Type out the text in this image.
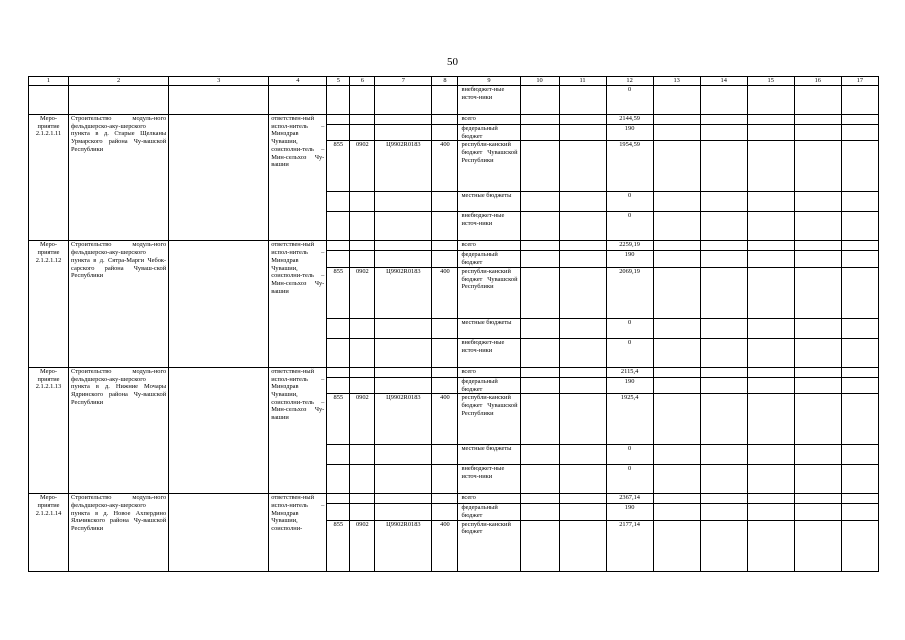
50
1	2	3	4	5	6	7	8	9	10	11	12	13	14	15	16	17
								внебюджет-ные источ-ники			0					
Меро-приятие 2.1.2.1.11	Строительство модуль-ного фельдшерско-аку-шерского пункта в д. Старые Щелканы Урмарского района Чу-вашской Республики		ответствен-ный испол-нитель – Минздрав Чувашии, соисполни-тель – Мин-сельхоз Чу-вашии					всего			2144,59					
								федеральный бюджет			190					
				855	0902	Ц9902R0183	400	республи-канский бюджет Чувашской Республики			1954,59					
								местные бюджеты			0					
								внебюджет-ные источ-ники			0					
Меро-приятие 2.1.2.1.12	Строительство модуль-ного фельдшерско-аку-шерского пункта в д. Сятра-Марги Чебок-сарского района Чуваш-ской Республики		ответствен-ный испол-нитель – Минздрав Чувашии, соисполни-тель – Мин-сельхоз Чу-вашии					всего			2259,19					
								федеральный бюджет			190					
				855	0902	Ц9902R0183	400	республи-канский бюджет Чувашской Республики			2069,19					
								местные бюджеты			0					
								внебюджет-ные источ-ники			0					
Меро-приятие 2.1.2.1.13	Строительство модуль-ного фельдшерско-аку-шерского пункта в д. Нижние Мочары Ядринского района Чу-вашской Республики		ответствен-ный испол-нитель – Минздрав Чувашии, соисполни-тель – Мин-сельхоз Чу-вашии					всего			2115,4					
								федеральный бюджет			190					
				855	0902	Ц9902R0183	400	республи-канский бюджет Чувашской Республики			1925,4					
								местные бюджеты			0					
								внебюджет-ные источ-ники			0					
Меро-приятие 2.1.2.1.14	Строительство модуль-ного фельдшерско-аку-шерского пункта в д. Новое Ахпердино Яльчикского района Чу-вашской Республики		ответствен-ный испол-нитель – Минздрав Чувашии, соисполни-					всего			2367,14					
								федеральный бюджет			190					
				855	0902	Ц9902R0183	400	республи-канский бюджет			2177,14					
